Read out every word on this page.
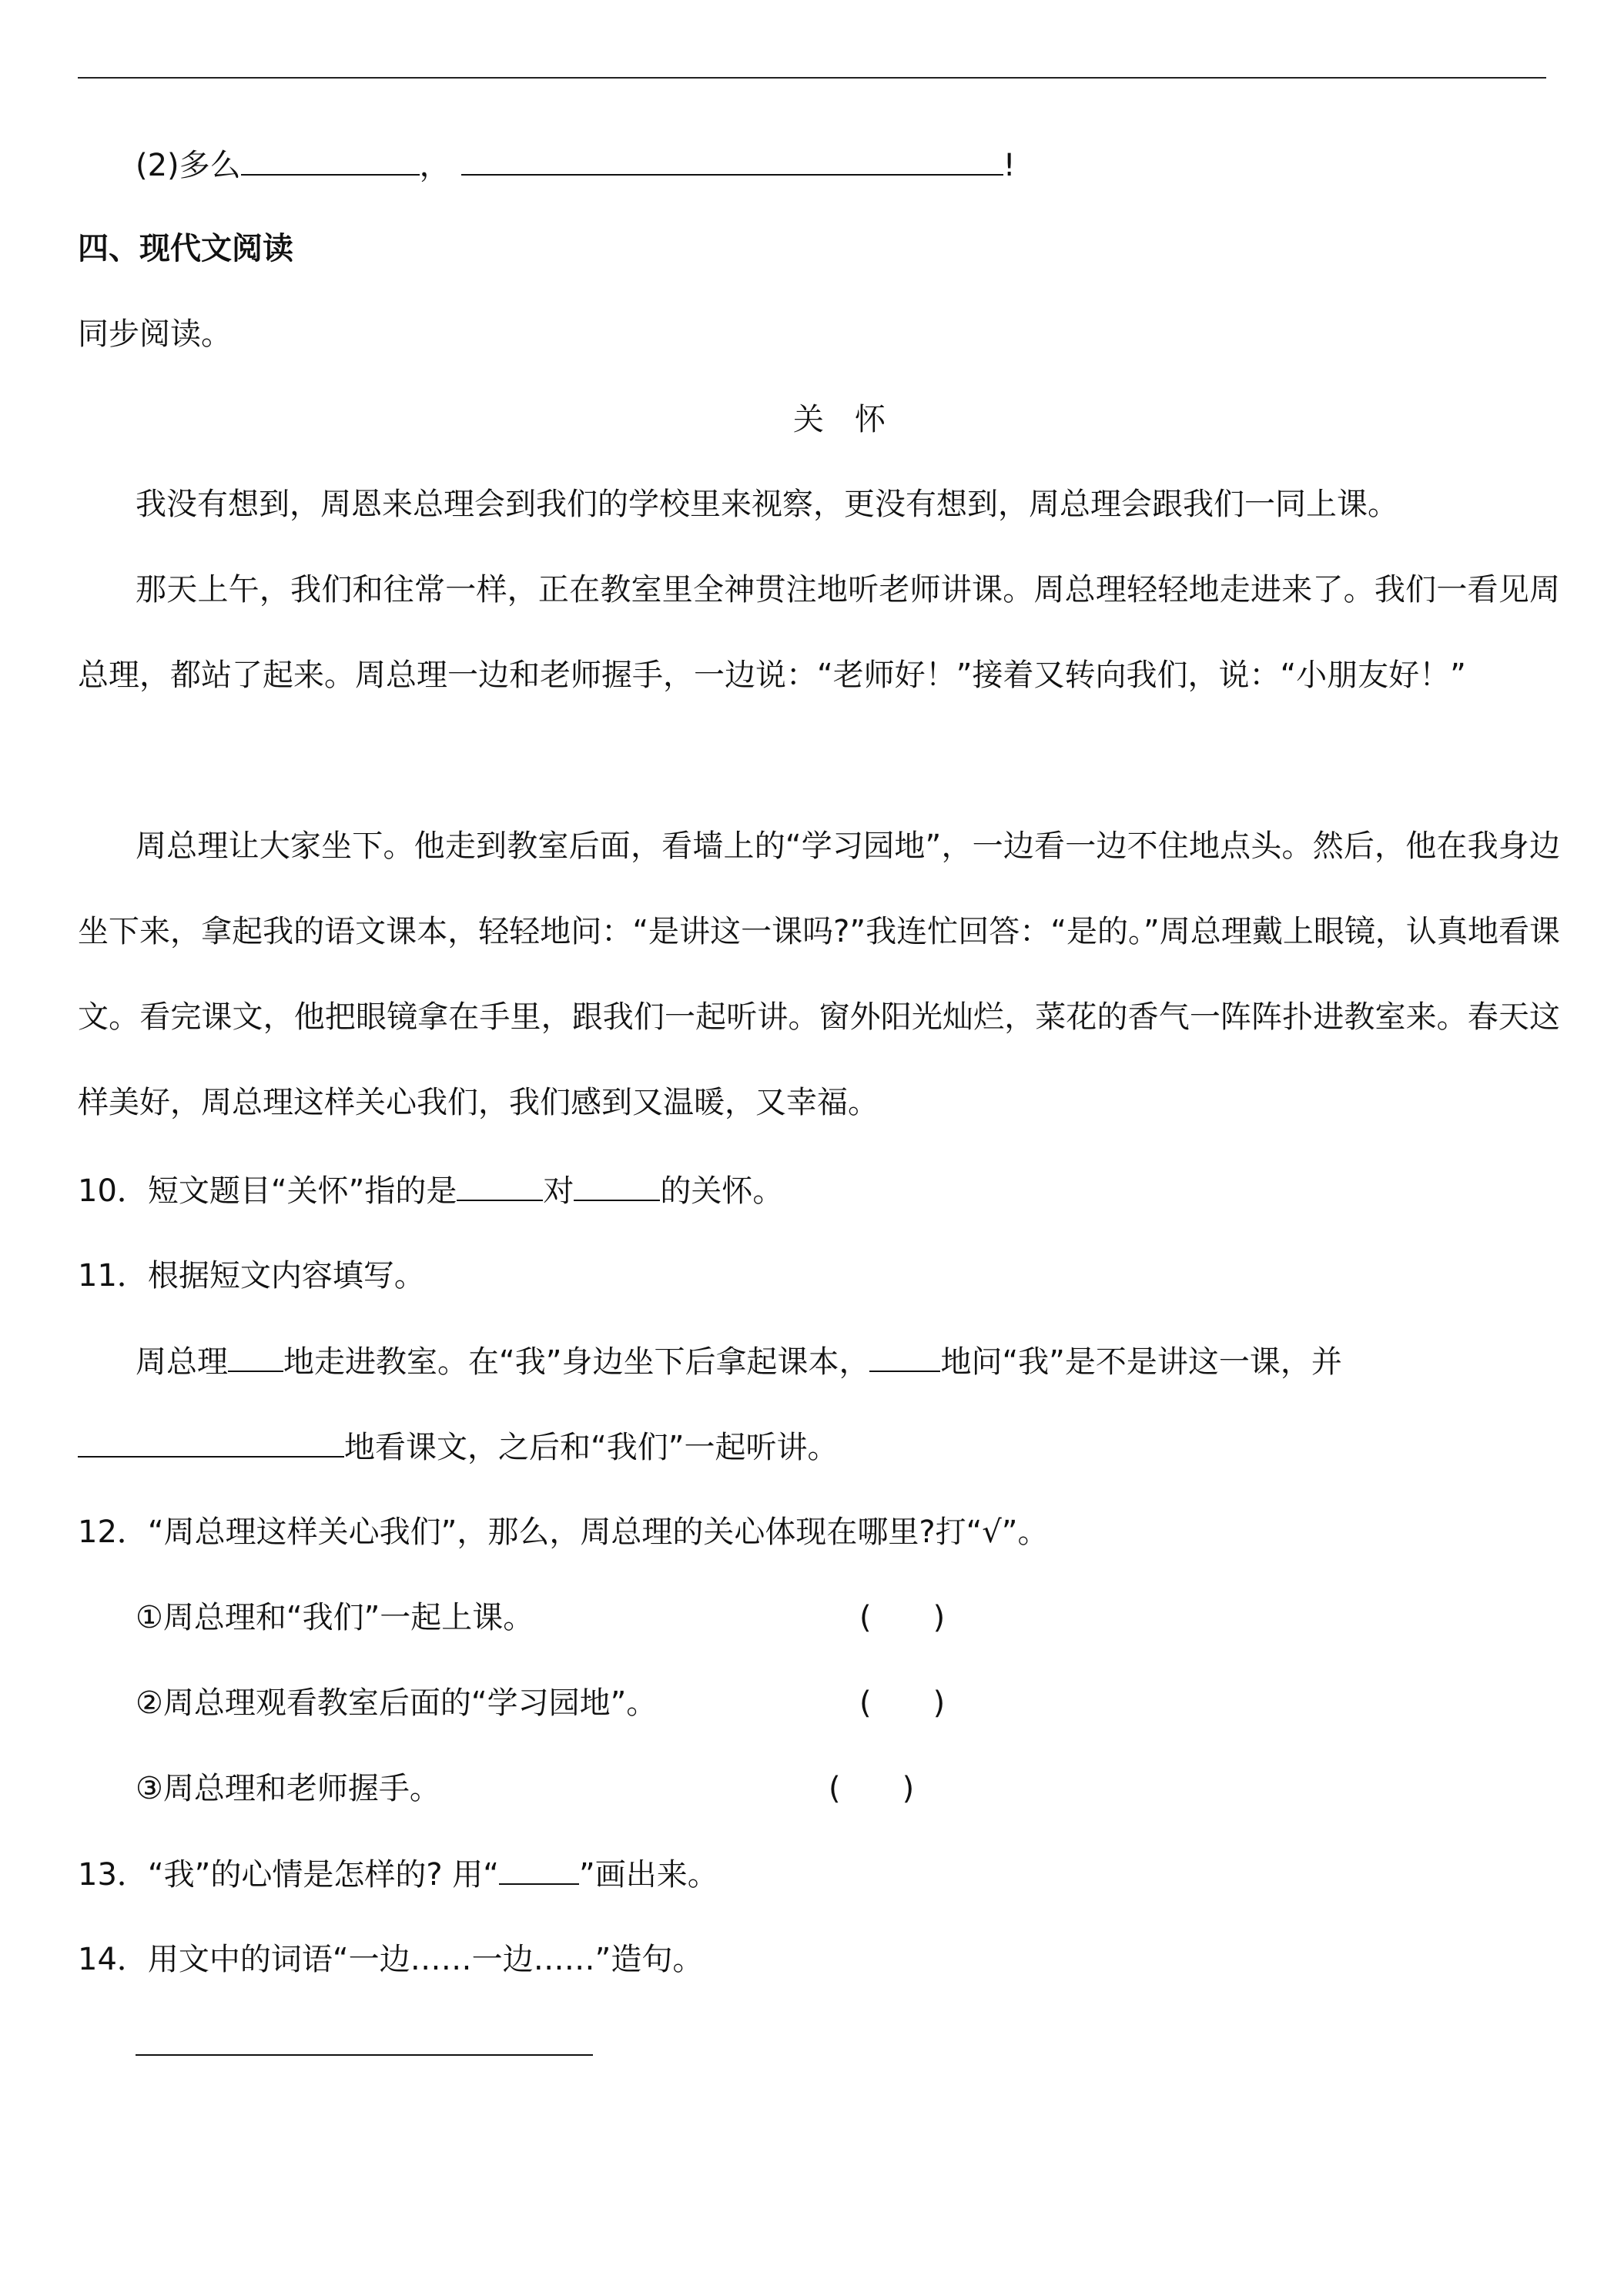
(2)多么	，	!
四、现代文阅读
同步阅读。
关　怀

我没有想到，周恩来总理会到我们的学校里来视察，更没有想到，周总理会跟我们一同上课。

那天上午，我们和往常一样，正在教室里全神贯注地听老师讲课。周总理轻轻地走进来了。我们一看见周总理，都站了起来。周总理一边和老师握手，一边说：“老师好！”接着又转向我们，说：“小朋友好！”

周总理让大家坐下。他走到教室后面，看墙上的“学习园地”，一边看一边不住地点头。然后，他在我身边坐下来，拿起我的语文课本，轻轻地问：“是讲这一课吗?”我连忙回答：“是的。”周总理戴上眼镜，认真地看课文。看完课文，他把眼镜拿在手里，跟我们一起听讲。窗外阳光灿烂，菜花的香气一阵阵扑进教室来。春天这样美好，周总理这样关心我们，我们感到又温暖，又幸福。

10．短文题目“关怀”指的是	对	的关怀。
11．根据短文内容填写。
周总理 地走进教室。在“我”身边坐下后拿起课本， 地问“我”是不是讲这一课，并
地看课文，之后和“我们”一起听讲。
12．“周总理这样关心我们”，那么，周总理的关心体现在哪里?打“√”。
①周总理和“我们”一起上课。	(　　)
②周总理观看教室后面的“学习园地”。	(　　)
③周总理和老师握手。	(　　)
13．“我”的心情是怎样的? 用“	”画出来。
14．用文中的词语“一边……一边……”造句。
